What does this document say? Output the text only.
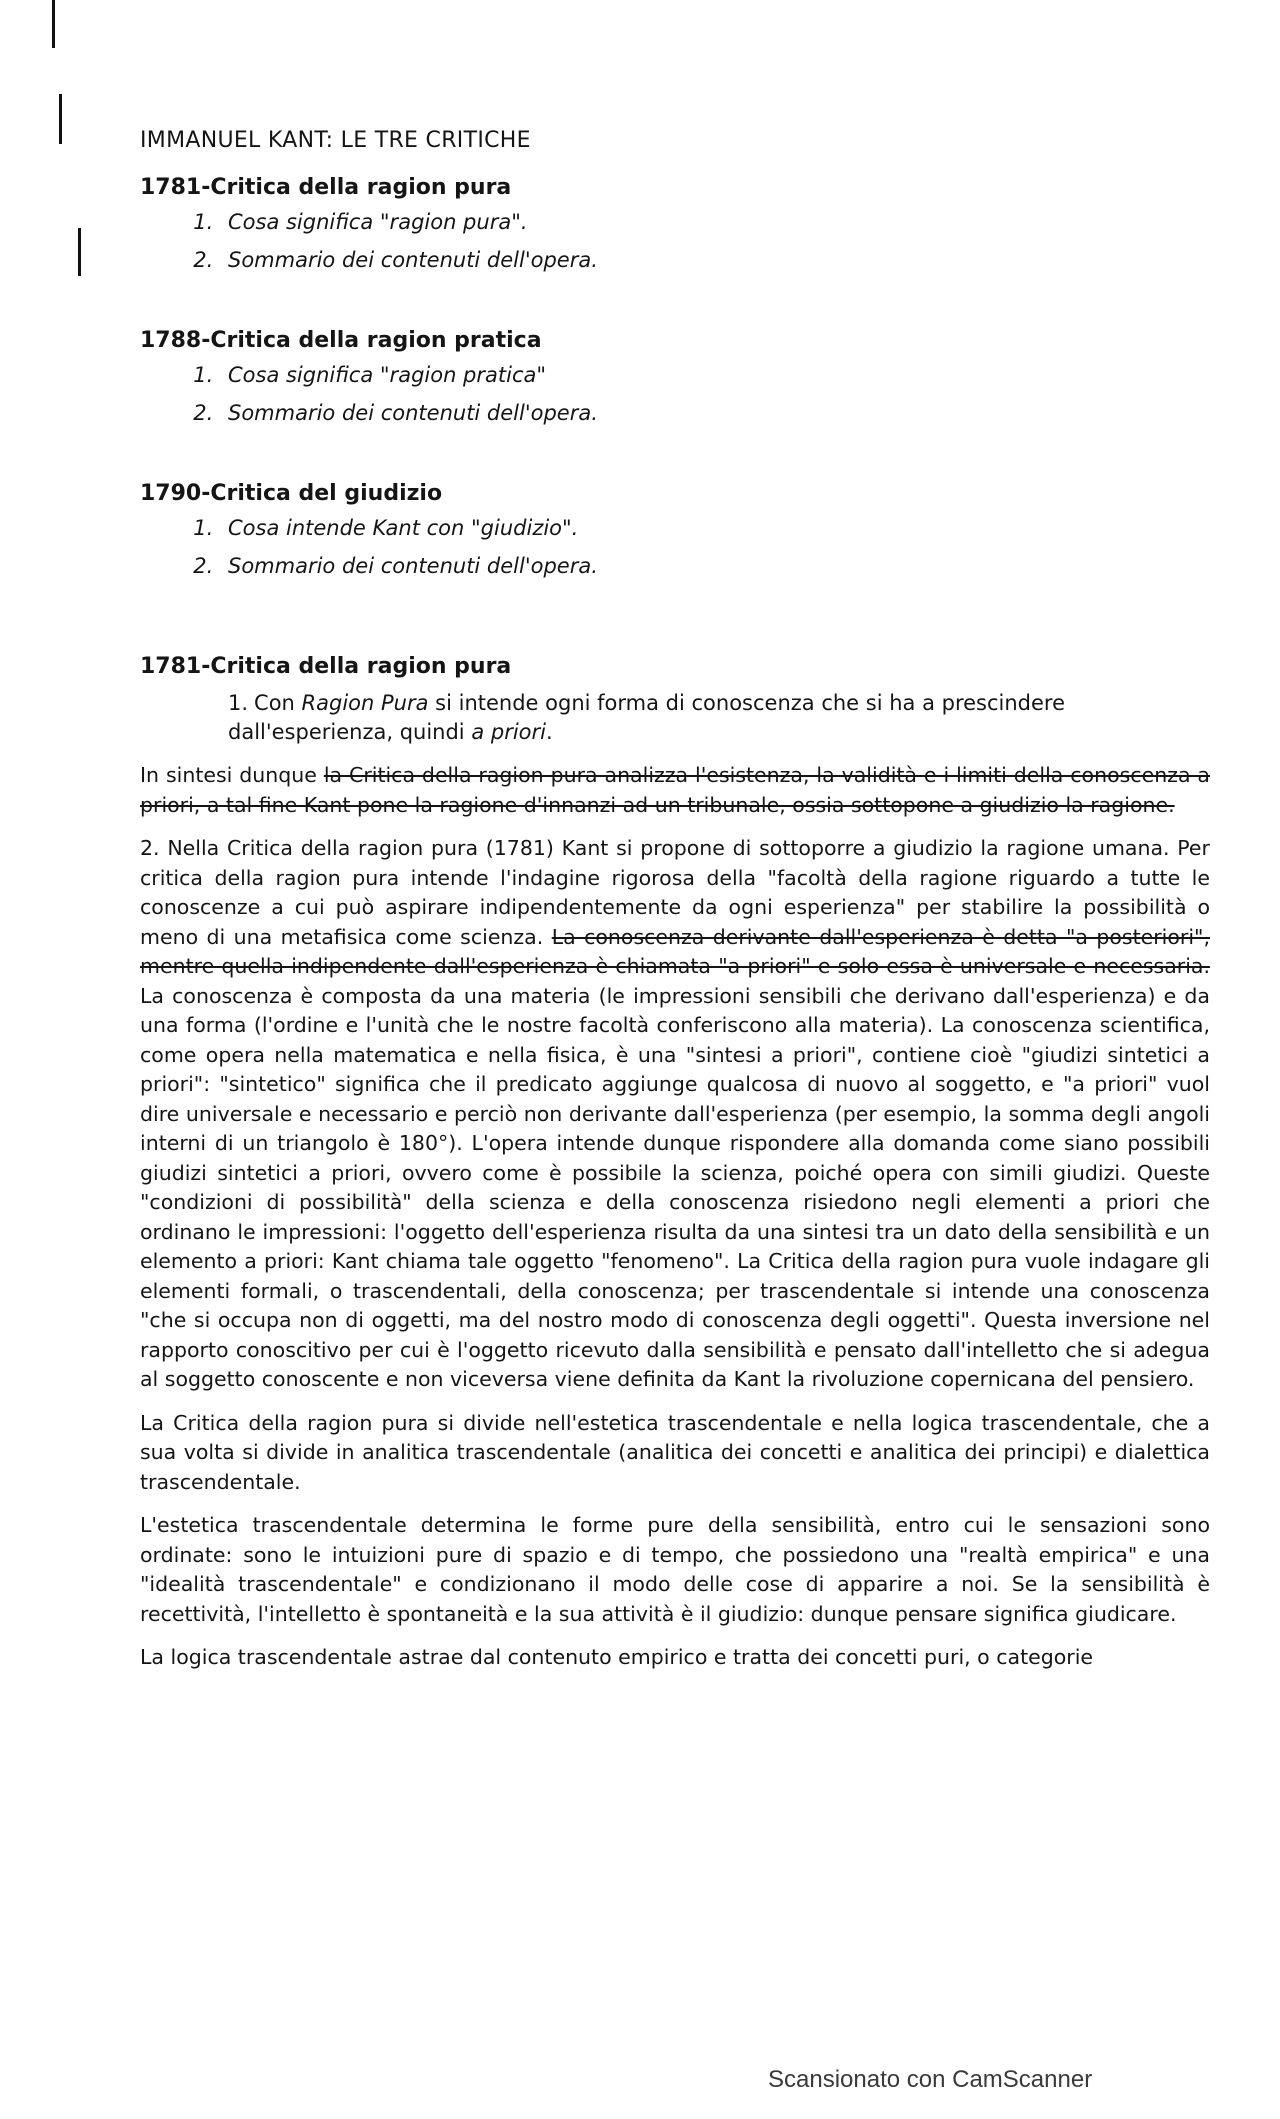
IMMANUEL KANT: LE TRE CRITICHE
1781-Critica della ragion pura
1. Cosa significa "ragion pura".
2. Sommario dei contenuti dell'opera.
1788-Critica della ragion pratica
1. Cosa significa "ragion pratica"
2. Sommario dei contenuti dell'opera.
1790-Critica del giudizio
1. Cosa intende Kant con "giudizio".
2. Sommario dei contenuti dell'opera.
1781-Critica della ragion pura
1. Con Ragion Pura si intende ogni forma di conoscenza che si ha a prescindere dall'esperienza, quindi a priori.

In sintesi dunque la Critica della ragion pura analizza l'esistenza, la validità e i limiti della conoscenza a priori, a tal fine Kant pone la ragione d'innanzi ad un tribunale, ossia sottopone a giudizio la ragione.

2. Nella Critica della ragion pura (1781) Kant si propone di sottoporre a giudizio la ragione umana. Per critica della ragion pura intende l'indagine rigorosa della "facoltà della ragione riguardo a tutte le conoscenze a cui può aspirare indipendentemente da ogni esperienza" per stabilire la possibilità o meno di una metafisica come scienza. La conoscenza derivante dall'esperienza è detta "a posteriori", mentre quella indipendente dall'esperienza è chiamata "a priori" e solo essa è universale e necessaria. La conoscenza è composta da una materia (le impressioni sensibili che derivano dall'esperienza) e da una forma (l'ordine e l'unità che le nostre facoltà conferiscono alla materia). La conoscenza scientifica, come opera nella matematica e nella fisica, è una "sintesi a priori", contiene cioè "giudizi sintetici a priori": "sintetico" significa che il predicato aggiunge qualcosa di nuovo al soggetto, e "a priori" vuol dire universale e necessario e perciò non derivante dall'esperienza (per esempio, la somma degli angoli interni di un triangolo è 180°). L'opera intende dunque rispondere alla domanda come siano possibili giudizi sintetici a priori, ovvero come è possibile la scienza, poiché opera con simili giudizi. Queste "condizioni di possibilità" della scienza e della conoscenza risiedono negli elementi a priori che ordinano le impressioni: l'oggetto dell'esperienza risulta da una sintesi tra un dato della sensibilità e un elemento a priori: Kant chiama tale oggetto "fenomeno". La Critica della ragion pura vuole indagare gli elementi formali, o trascendentali, della conoscenza; per trascendentale si intende una conoscenza "che si occupa non di oggetti, ma del nostro modo di conoscenza degli oggetti". Questa inversione nel rapporto conoscitivo per cui è l'oggetto ricevuto dalla sensibilità e pensato dall'intelletto che si adegua al soggetto conoscente e non viceversa viene definita da Kant la rivoluzione copernicana del pensiero.

La Critica della ragion pura si divide nell'estetica trascendentale e nella logica trascendentale, che a sua volta si divide in analitica trascendentale (analitica dei concetti e analitica dei principi) e dialettica trascendentale.

L'estetica trascendentale determina le forme pure della sensibilità, entro cui le sensazioni sono ordinate: sono le intuizioni pure di spazio e di tempo, che possiedono una "realtà empirica" e una "idealità trascendentale" e condizionano il modo delle cose di apparire a noi. Se la sensibilità è recettività, l'intelletto è spontaneità e la sua attività è il giudizio: dunque pensare significa giudicare.

La logica trascendentale astrae dal contenuto empirico e tratta dei concetti puri, o categorie

Scansionato con CamScanner
